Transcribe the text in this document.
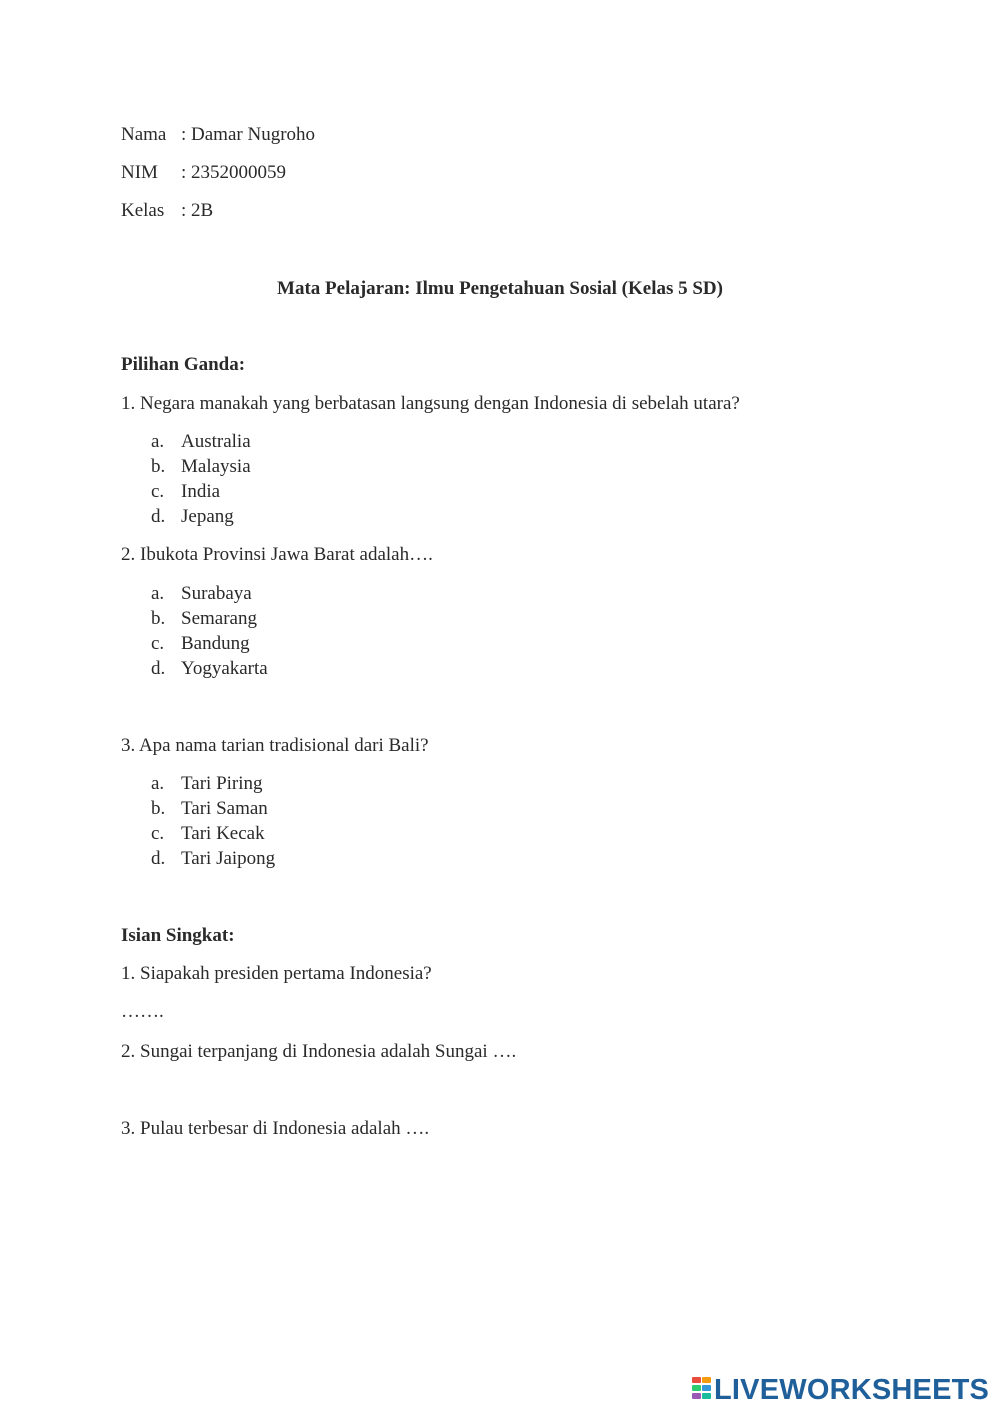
Nama : Damar Nugroho
NIM : 2352000059
Kelas : 2B
Mata Pelajaran: Ilmu Pengetahuan Sosial (Kelas 5 SD)
Pilihan Ganda:
1. Negara manakah yang berbatasan langsung dengan Indonesia di sebelah utara?
a. Australia
b. Malaysia
c. India
d. Jepang
2. Ibukota Provinsi Jawa Barat adalah….
a. Surabaya
b. Semarang
c. Bandung
d. Yogyakarta
3. Apa nama tarian tradisional dari Bali?
a. Tari Piring
b. Tari Saman
c. Tari Kecak
d. Tari Jaipong
Isian Singkat:
1. Siapakah presiden pertama Indonesia?
…….
2. Sungai terpanjang di Indonesia adalah Sungai ….
3. Pulau terbesar di Indonesia adalah ….
LIVEWORKSHEETS
